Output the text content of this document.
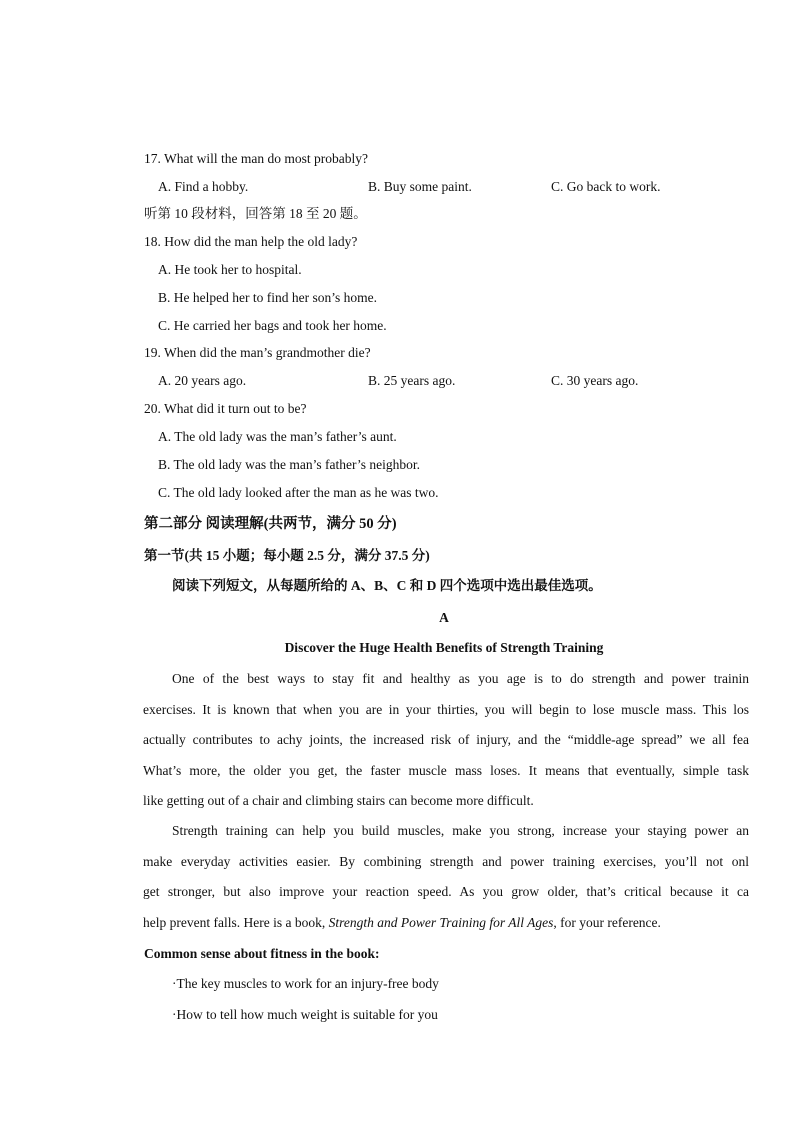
17. What will the man do most probably?
A. Find a hobby.	B. Buy some paint.	C. Go back to work.
听第 10 段材料，回答第 18 至 20 题。
18. How did the man help the old lady?
A. He took her to hospital.
B. He helped her to find her son’s home.
C. He carried her bags and took her home.
19. When did the man’s grandmother die?
A. 20 years ago.	B. 25 years ago.	C. 30 years ago.
20. What did it turn out to be?
A. The old lady was the man’s father’s aunt.
B. The old lady was the man’s father’s neighbor.
C. The old lady looked after the man as he was two.
第二部分 阅读理解(共两节，满分 50 分)
第一节(共 15 小题；每小题 2.5 分，满分 37.5 分)
阅读下列短文，从每题所给的 A、B、C 和 D 四个选项中选出最佳选项。
A
Discover the Huge Health Benefits of Strength Training
One of the best ways to stay fit and healthy as you age is to do strength and power trainin
exercises. It is known that when you are in your thirties, you will begin to lose muscle mass. This los
actually contributes to achy joints, the increased risk of injury, and the “middle-age spread” we all fea
What’s more, the older you get, the faster muscle mass loses. It means that eventually, simple task
like getting out of a chair and climbing stairs can become more difficult.
Strength training can help you build muscles, make you strong, increase your staying power an
make everyday activities easier. By combining strength and power training exercises, you’ll not onl
get stronger, but also improve your reaction speed. As you grow older, that’s critical because it ca
help prevent falls. Here is a book, Strength and Power Training for All Ages, for your reference.
Common sense about fitness in the book:
·The key muscles to work for an injury-free body
·How to tell how much weight is suitable for you
